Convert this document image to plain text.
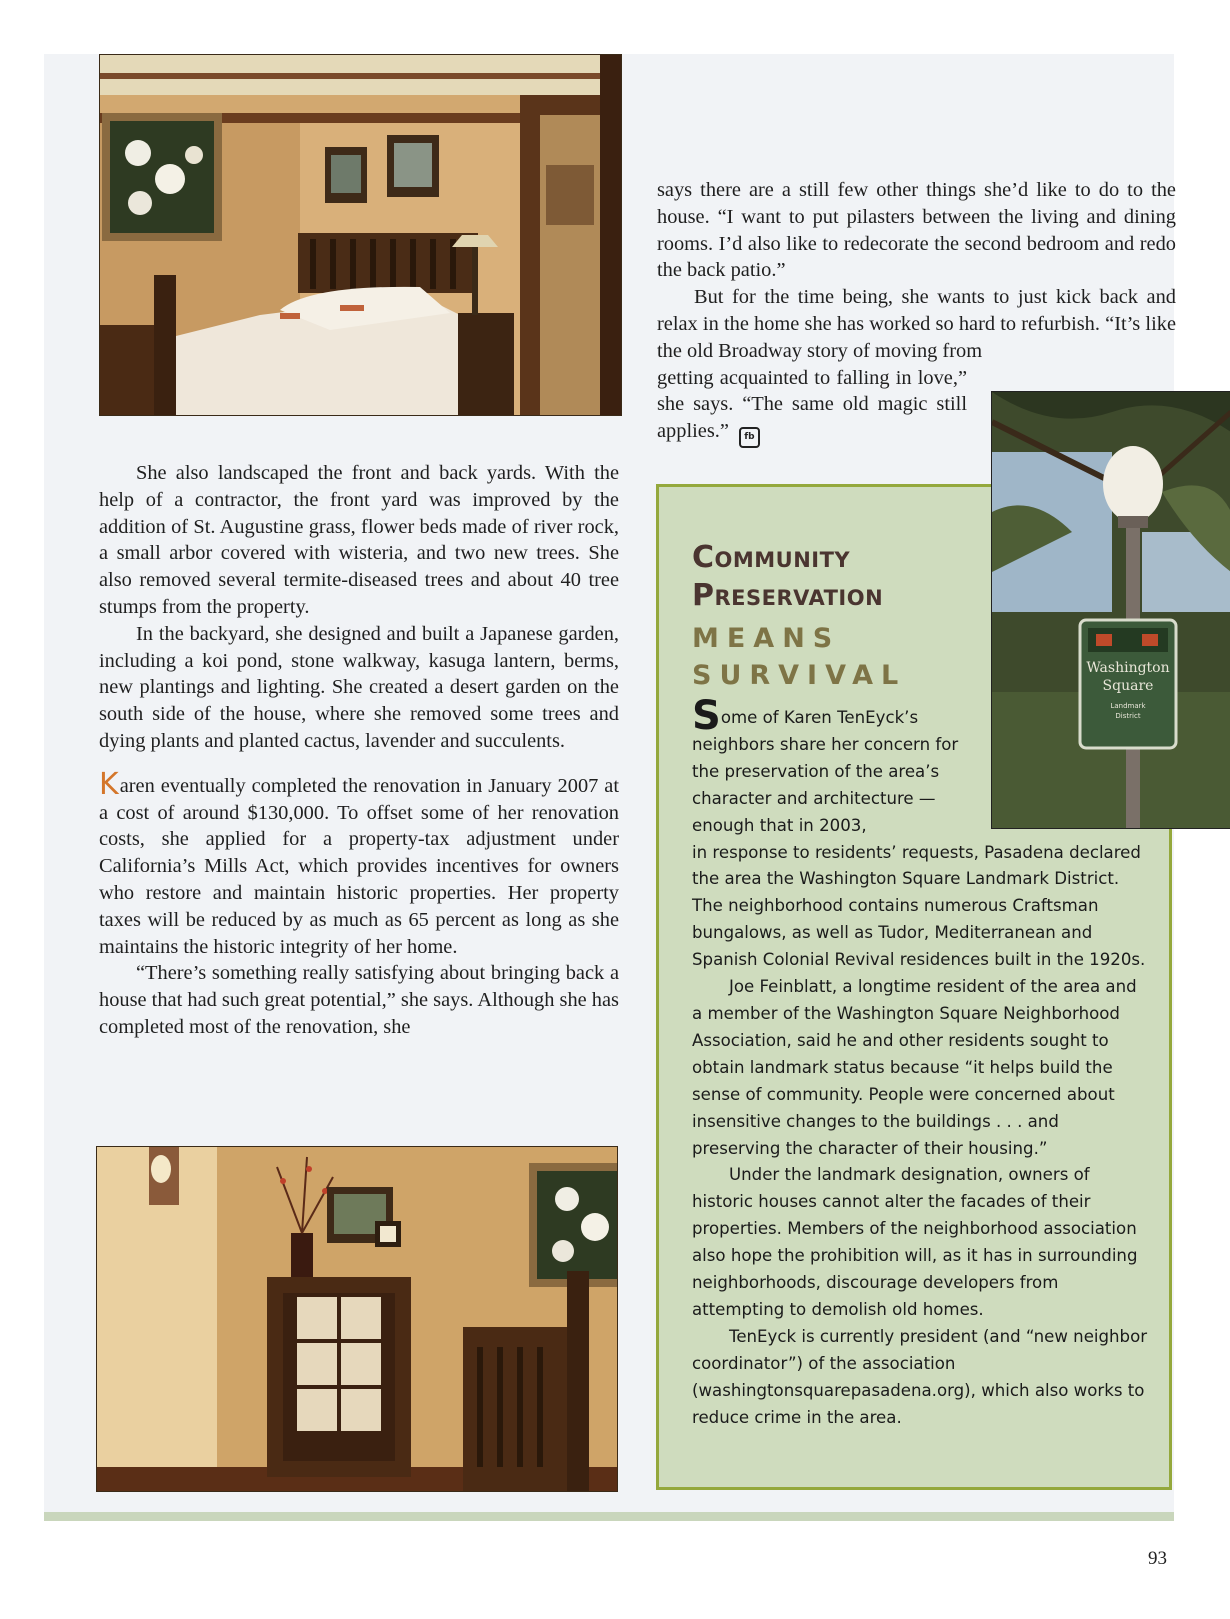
She also landscaped the front and back yards. With the help of a contractor, the front yard was improved by the addition of St. Augustine grass, flower beds made of river rock, a small arbor covered with wisteria, and two new trees. She also removed several termite-diseased trees and about 40 tree stumps from the property.

In the backyard, she designed and built a Japanese garden, including a koi pond, stone walkway, kasuga lantern, berms, new plantings and lighting. She created a desert garden on the south side of the house, where she removed some trees and dying plants and planted cactus, lavender and succulents.

Karen eventually completed the renovation in January 2007 at a cost of around $130,000. To offset some of her renovation costs, she applied for a property-tax adjustment under California’s Mills Act, which provides incentives for owners who restore and maintain historic properties. Her property taxes will be reduced by as much as 65 percent as long as she maintains the historic integrity of her home.

“There’s something really satisfying about bringing back a house that had such great potential,” she says. Although she has completed most of the renovation, she

says there are a still few other things she’d like to do to the house. “I want to put pilasters between the living and dining rooms. I’d also like to redecorate the second bedroom and redo the back patio.”

But for the time being, she wants to just kick back and relax in the home she has worked so hard to refurbish. “It’s like the old Broadway story of moving from

getting acquainted to falling in love,” she says. “The same old magic still applies.” fb

Community
Preservation
MEANS
SURVIVAL

Some of Karen TenEyck’s neighbors share her concern for the preservation of the area’s character and architecture — enough that in 2003,

in response to residents’ requests, Pasadena declared the area the Washington Square Landmark District. The neighborhood contains numerous Craftsman bungalows, as well as Tudor, Mediterranean and Spanish Colonial Revival residences built in the 1920s.

Joe Feinblatt, a longtime resident of the area and a member of the Washington Square Neighborhood Association, said he and other residents sought to obtain landmark status because “it helps build the sense of community. People were concerned about insensitive changes to the buildings . . . and preserving the character of their housing.”

Under the landmark designation, owners of historic houses cannot alter the facades of their properties. Members of the neighborhood association also hope the prohibition will, as it has in surrounding neighborhoods, discourage developers from attempting to demolish old homes.

TenEyck is currently president (and “new neighbor coordinator”) of the association (washingtonsquarepasadena.org), which also works to reduce crime in the area.

Washington
Square
Landmark
District
93
